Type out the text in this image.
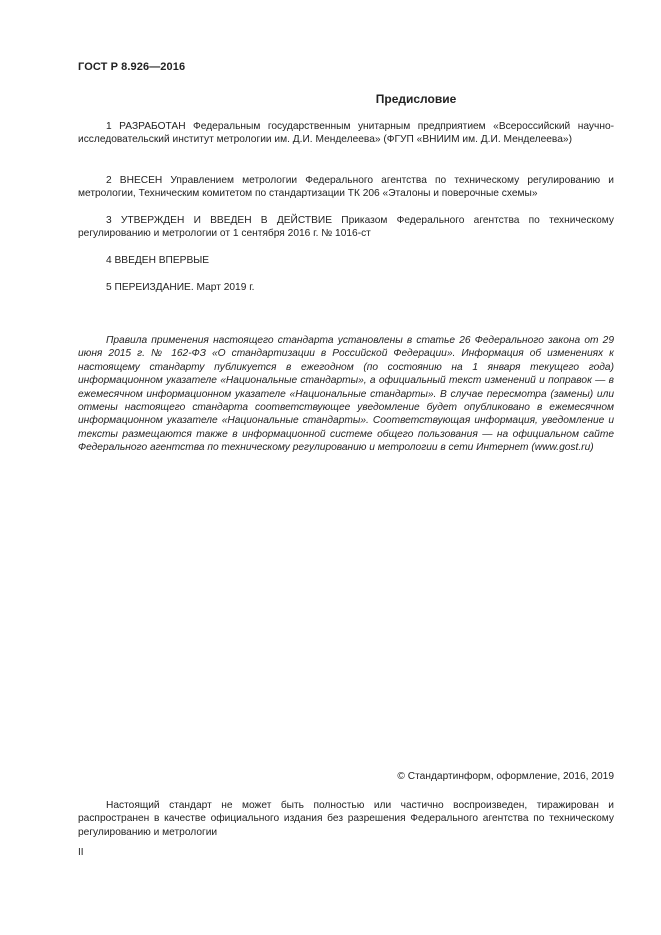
ГОСТ Р 8.926—2016
Предисловие

1 РАЗРАБОТАН Федеральным государственным унитарным предприятием «Всероссийский научно-исследовательский институт метрологии им. Д.И. Менделеева» (ФГУП «ВНИИМ им. Д.И. Менделеева»)

2 ВНЕСЕН Управлением метрологии Федерального агентства по техническому регулированию и метрологии, Техническим комитетом по стандартизации ТК 206 «Эталоны и поверочные схемы»

3 УТВЕРЖДЕН И ВВЕДЕН В ДЕЙСТВИЕ Приказом Федерального агентства по техническому регулированию и метрологии от 1 сентября 2016 г. № 1016-ст

4 ВВЕДЕН ВПЕРВЫЕ

5 ПЕРЕИЗДАНИЕ. Март 2019 г.

Правила применения настоящего стандарта установлены в статье 26 Федерального закона от 29 июня 2015 г. № 162-ФЗ «О стандартизации в Российской Федерации». Информация об изменениях к настоящему стандарту публикуется в ежегодном (по состоянию на 1 января текущего года) информационном указателе «Национальные стандарты», а официальный текст изменений и поправок — в ежемесячном информационном указателе «Национальные стандарты». В случае пересмотра (замены) или отмены настоящего стандарта соответствующее уведомление будет опубликовано в ежемесячном информационном указателе «Национальные стандарты». Соответствующая информация, уведомление и тексты размещаются также в информационной системе общего пользования — на официальном сайте Федерального агентства по техническому регулированию и метрологии в сети Интернет (www.gost.ru)

© Стандартинформ, оформление, 2016, 2019

Настоящий стандарт не может быть полностью или частично воспроизведен, тиражирован и распространен в качестве официального издания без разрешения Федерального агентства по техническому регулированию и метрологии

II
